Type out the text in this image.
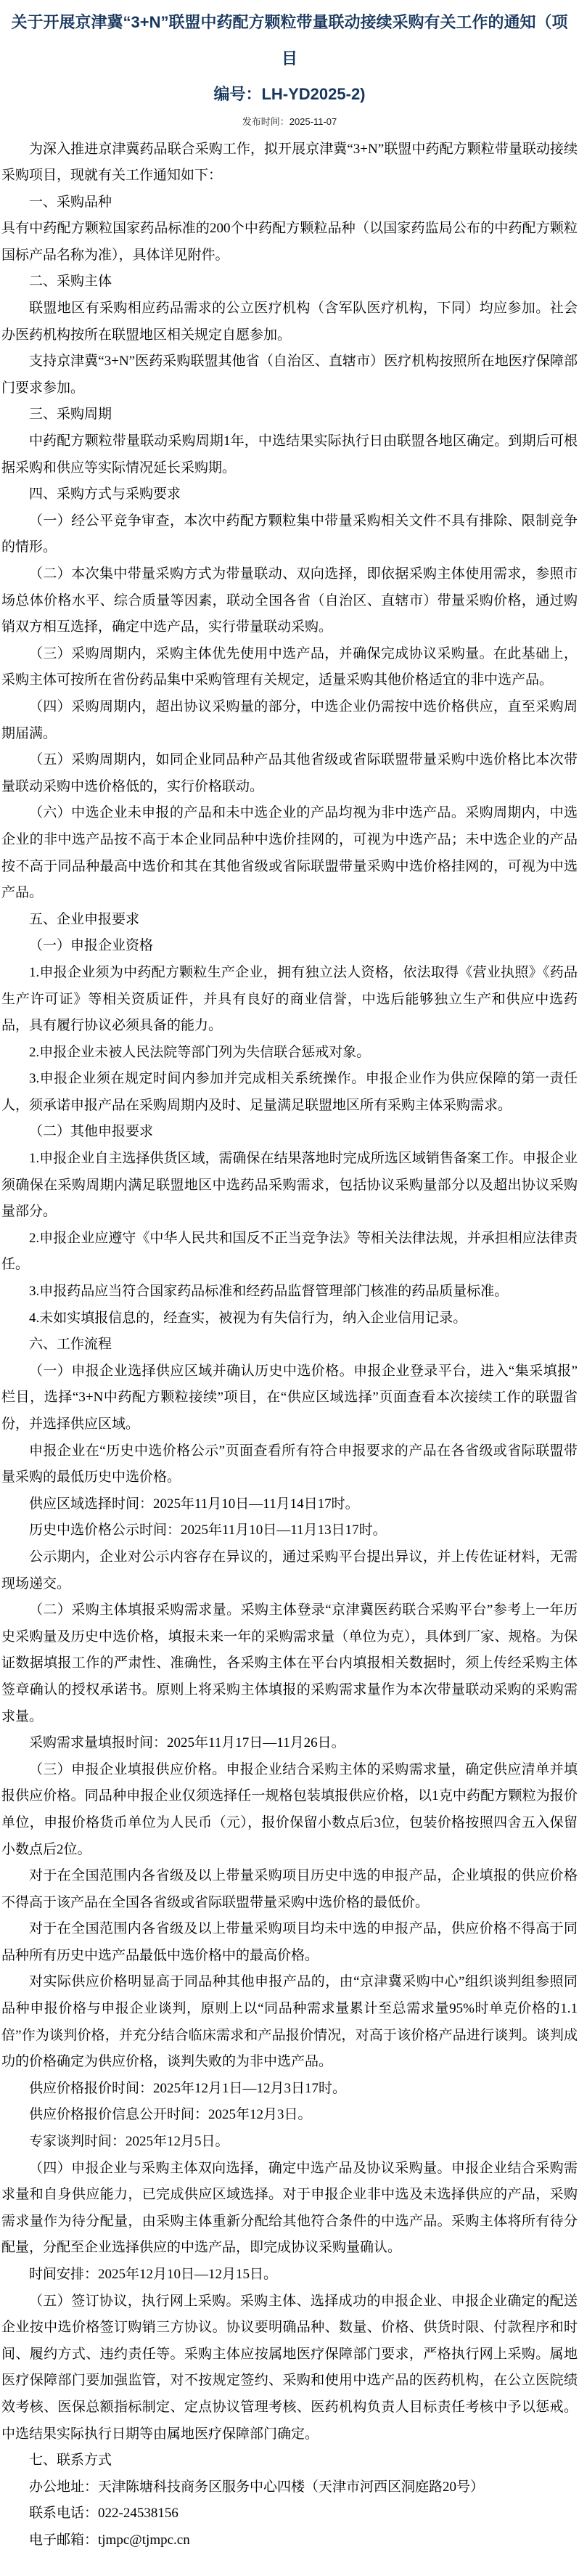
关于开展京津冀“3+N”联盟中药配方颗粒带量联动接续采购有关工作的通知（项目
编号：LH-YD2025-2)
发布时间：2025-11-07

为深入推进京津冀药品联合采购工作，拟开展京津冀“3+N”联盟中药配方颗粒带量联动接续采购项目，现就有关工作通知如下：

一、采购品种

具有中药配方颗粒国家药品标准的200个中药配方颗粒品种（以国家药监局公布的中药配方颗粒国标产品名称为准），具体详见附件。

二、采购主体

联盟地区有采购相应药品需求的公立医疗机构（含军队医疗机构，下同）均应参加。社会办医药机构按所在联盟地区相关规定自愿参加。

支持京津冀“3+N”医药采购联盟其他省（自治区、直辖市）医疗机构按照所在地医疗保障部门要求参加。

三、采购周期

中药配方颗粒带量联动采购周期1年，中选结果实际执行日由联盟各地区确定。到期后可根据采购和供应等实际情况延长采购期。

四、采购方式与采购要求

（一）经公平竞争审查，本次中药配方颗粒集中带量采购相关文件不具有排除、限制竞争的情形。

（二）本次集中带量采购方式为带量联动、双向选择，即依据采购主体使用需求，参照市场总体价格水平、综合质量等因素，联动全国各省（自治区、直辖市）带量采购价格，通过购销双方相互选择，确定中选产品，实行带量联动采购。

（三）采购周期内，采购主体优先使用中选产品，并确保完成协议采购量。在此基础上，采购主体可按所在省份药品集中采购管理有关规定，适量采购其他价格适宜的非中选产品。

（四）采购周期内，超出协议采购量的部分，中选企业仍需按中选价格供应，直至采购周期届满。

（五）采购周期内，如同企业同品种产品其他省级或省际联盟带量采购中选价格比本次带量联动采购中选价格低的，实行价格联动。

（六）中选企业未申报的产品和未中选企业的产品均视为非中选产品。采购周期内，中选企业的非中选产品按不高于本企业同品种中选价挂网的，可视为中选产品；未中选企业的产品按不高于同品种最高中选价和其在其他省级或省际联盟带量采购中选价格挂网的，可视为中选产品。

五、企业申报要求

（一）申报企业资格

1.申报企业须为中药配方颗粒生产企业，拥有独立法人资格，依法取得《营业执照》《药品生产许可证》等相关资质证件，并具有良好的商业信誉，中选后能够独立生产和供应中选药品，具有履行协议必须具备的能力。

2.申报企业未被人民法院等部门列为失信联合惩戒对象。

3.申报企业须在规定时间内参加并完成相关系统操作。申报企业作为供应保障的第一责任人，须承诺申报产品在采购周期内及时、足量满足联盟地区所有采购主体采购需求。

（二）其他申报要求

1.申报企业自主选择供货区域，需确保在结果落地时完成所选区域销售备案工作。申报企业须确保在采购周期内满足联盟地区中选药品采购需求，包括协议采购量部分以及超出协议采购量部分。

2.申报企业应遵守《中华人民共和国反不正当竞争法》等相关法律法规，并承担相应法律责任。

3.申报药品应当符合国家药品标准和经药品监督管理部门核准的药品质量标准。

4.未如实填报信息的，经查实，被视为有失信行为，纳入企业信用记录。

六、工作流程

（一）申报企业选择供应区域并确认历史中选价格。申报企业登录平台，进入“集采填报”栏目，选择“3+N中药配方颗粒接续”项目，在“供应区域选择”页面查看本次接续工作的联盟省份，并选择供应区域。

申报企业在“历史中选价格公示”页面查看所有符合申报要求的产品在各省级或省际联盟带量采购的最低历史中选价格。

供应区域选择时间：2025年11月10日—11月14日17时。

历史中选价格公示时间：2025年11月10日—11月13日17时。

公示期内，企业对公示内容存在异议的，通过采购平台提出异议，并上传佐证材料，无需现场递交。

（二）采购主体填报采购需求量。采购主体登录“京津冀医药联合采购平台”参考上一年历史采购量及历史中选价格，填报未来一年的采购需求量（单位为克），具体到厂家、规格。为保证数据填报工作的严肃性、准确性，各采购主体在平台内填报相关数据时，须上传经采购主体签章确认的授权承诺书。原则上将采购主体填报的采购需求量作为本次带量联动采购的采购需求量。

采购需求量填报时间：2025年11月17日—11月26日。

（三）申报企业填报供应价格。申报企业结合采购主体的采购需求量，确定供应清单并填报供应价格。同品种申报企业仅须选择任一规格包装填报供应价格，以1克中药配方颗粒为报价单位，申报价格货币单位为人民币（元），报价保留小数点后3位，包装价格按照四舍五入保留小数点后2位。

对于在全国范围内各省级及以上带量采购项目历史中选的申报产品，企业填报的供应价格不得高于该产品在全国各省级或省际联盟带量采购中选价格的最低价。

对于在全国范围内各省级及以上带量采购项目均未中选的申报产品，供应价格不得高于同品种所有历史中选产品最低中选价格中的最高价格。

对实际供应价格明显高于同品种其他申报产品的，由“京津冀采购中心”组织谈判组参照同品种申报价格与申报企业谈判，原则上以“同品种需求量累计至总需求量95%时单克价格的1.1倍”作为谈判价格，并充分结合临床需求和产品报价情况，对高于该价格产品进行谈判。谈判成功的价格确定为供应价格，谈判失败的为非中选产品。

供应价格报价时间：2025年12月1日—12月3日17时。

供应价格报价信息公开时间：2025年12月3日。

专家谈判时间：2025年12月5日。

（四）申报企业与采购主体双向选择，确定中选产品及协议采购量。申报企业结合采购需求量和自身供应能力，已完成供应区域选择。对于申报企业非中选及未选择供应的产品，采购需求量作为待分配量，由采购主体重新分配给其他符合条件的中选产品。采购主体将所有待分配量，分配至企业选择供应的中选产品，即完成协议采购量确认。

时间安排：2025年12月10日—12月15日。

（五）签订协议，执行网上采购。采购主体、选择成功的申报企业、申报企业确定的配送企业按中选价格签订购销三方协议。协议要明确品种、数量、价格、供货时限、付款程序和时间、履约方式、违约责任等。采购主体应按属地医疗保障部门要求，严格执行网上采购。属地医疗保障部门要加强监管，对不按规定签约、采购和使用中选产品的医药机构，在公立医院绩效考核、医保总额指标制定、定点协议管理考核、医药机构负责人目标责任考核中予以惩戒。中选结果实际执行日期等由属地医疗保障部门确定。

七、联系方式

办公地址：天津陈塘科技商务区服务中心四楼（天津市河西区洞庭路20号）

联系电话：022-24538156

电子邮箱：tjmpc@tjmpc.cn
